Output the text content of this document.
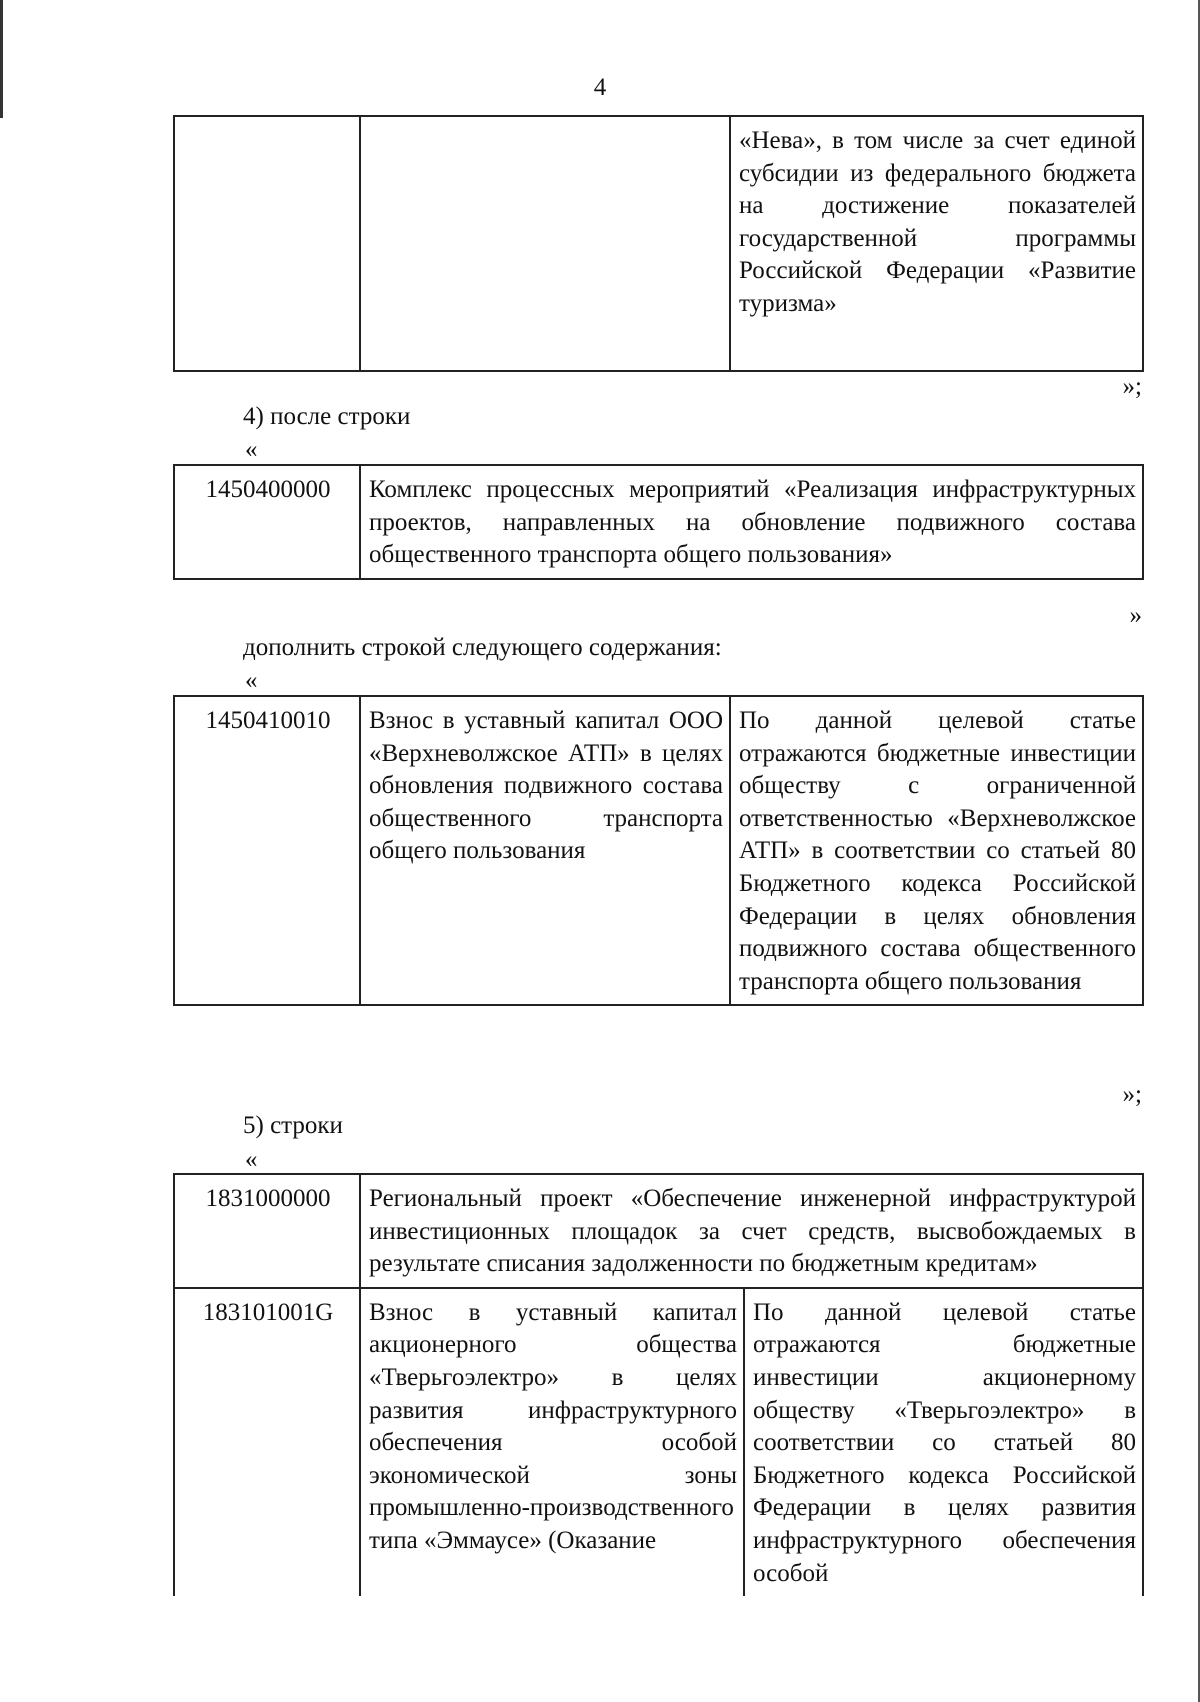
4
		«Нева», в том числе за счет единой субсидии из федерального бюджета на достижение показателей государственной программы Российской Федерации «Развитие туризма»
»;
4) после строки
«
1450400000	Комплекс процессных мероприятий «Реализация инфраструктурных проектов, направленных на обновление подвижного состава общественного транспорта общего пользования»
»
дополнить строкой следующего содержания:
«
1450410010	Взнос в уставный капитал ООО «Верхневолжское АТП» в целях обновления подвижного состава общественного транспорта общего пользования	По данной целевой статье отражаются бюджетные инвестиции обществу с ограниченной ответственностью «Верхневолжское АТП» в соответствии со статьей 80 Бюджетного кодекса Российской Федерации в целях обновления подвижного состава общественного транспорта общего пользования
»;
5) строки
«
1831000000	Региональный проект «Обеспечение инженерной инфраструктурой инвестиционных площадок за счет средств, высвобождаемых в результате списания задолженности по бюджетным кредитам»	
183101001G	Взнос в уставный капитал акционерного общества «Тверьгоэлектро» в целях развития инфраструктурного обеспечения особой экономической зоны промышленно-производственного типа «Эммаусе» (Оказание	По данной целевой статье отражаются бюджетные инвестиции акционерному обществу «Тверьгоэлектро» в соответствии со статьей 80 Бюджетного кодекса Российской Федерации в целях развития инфраструктурного обеспечения особой
